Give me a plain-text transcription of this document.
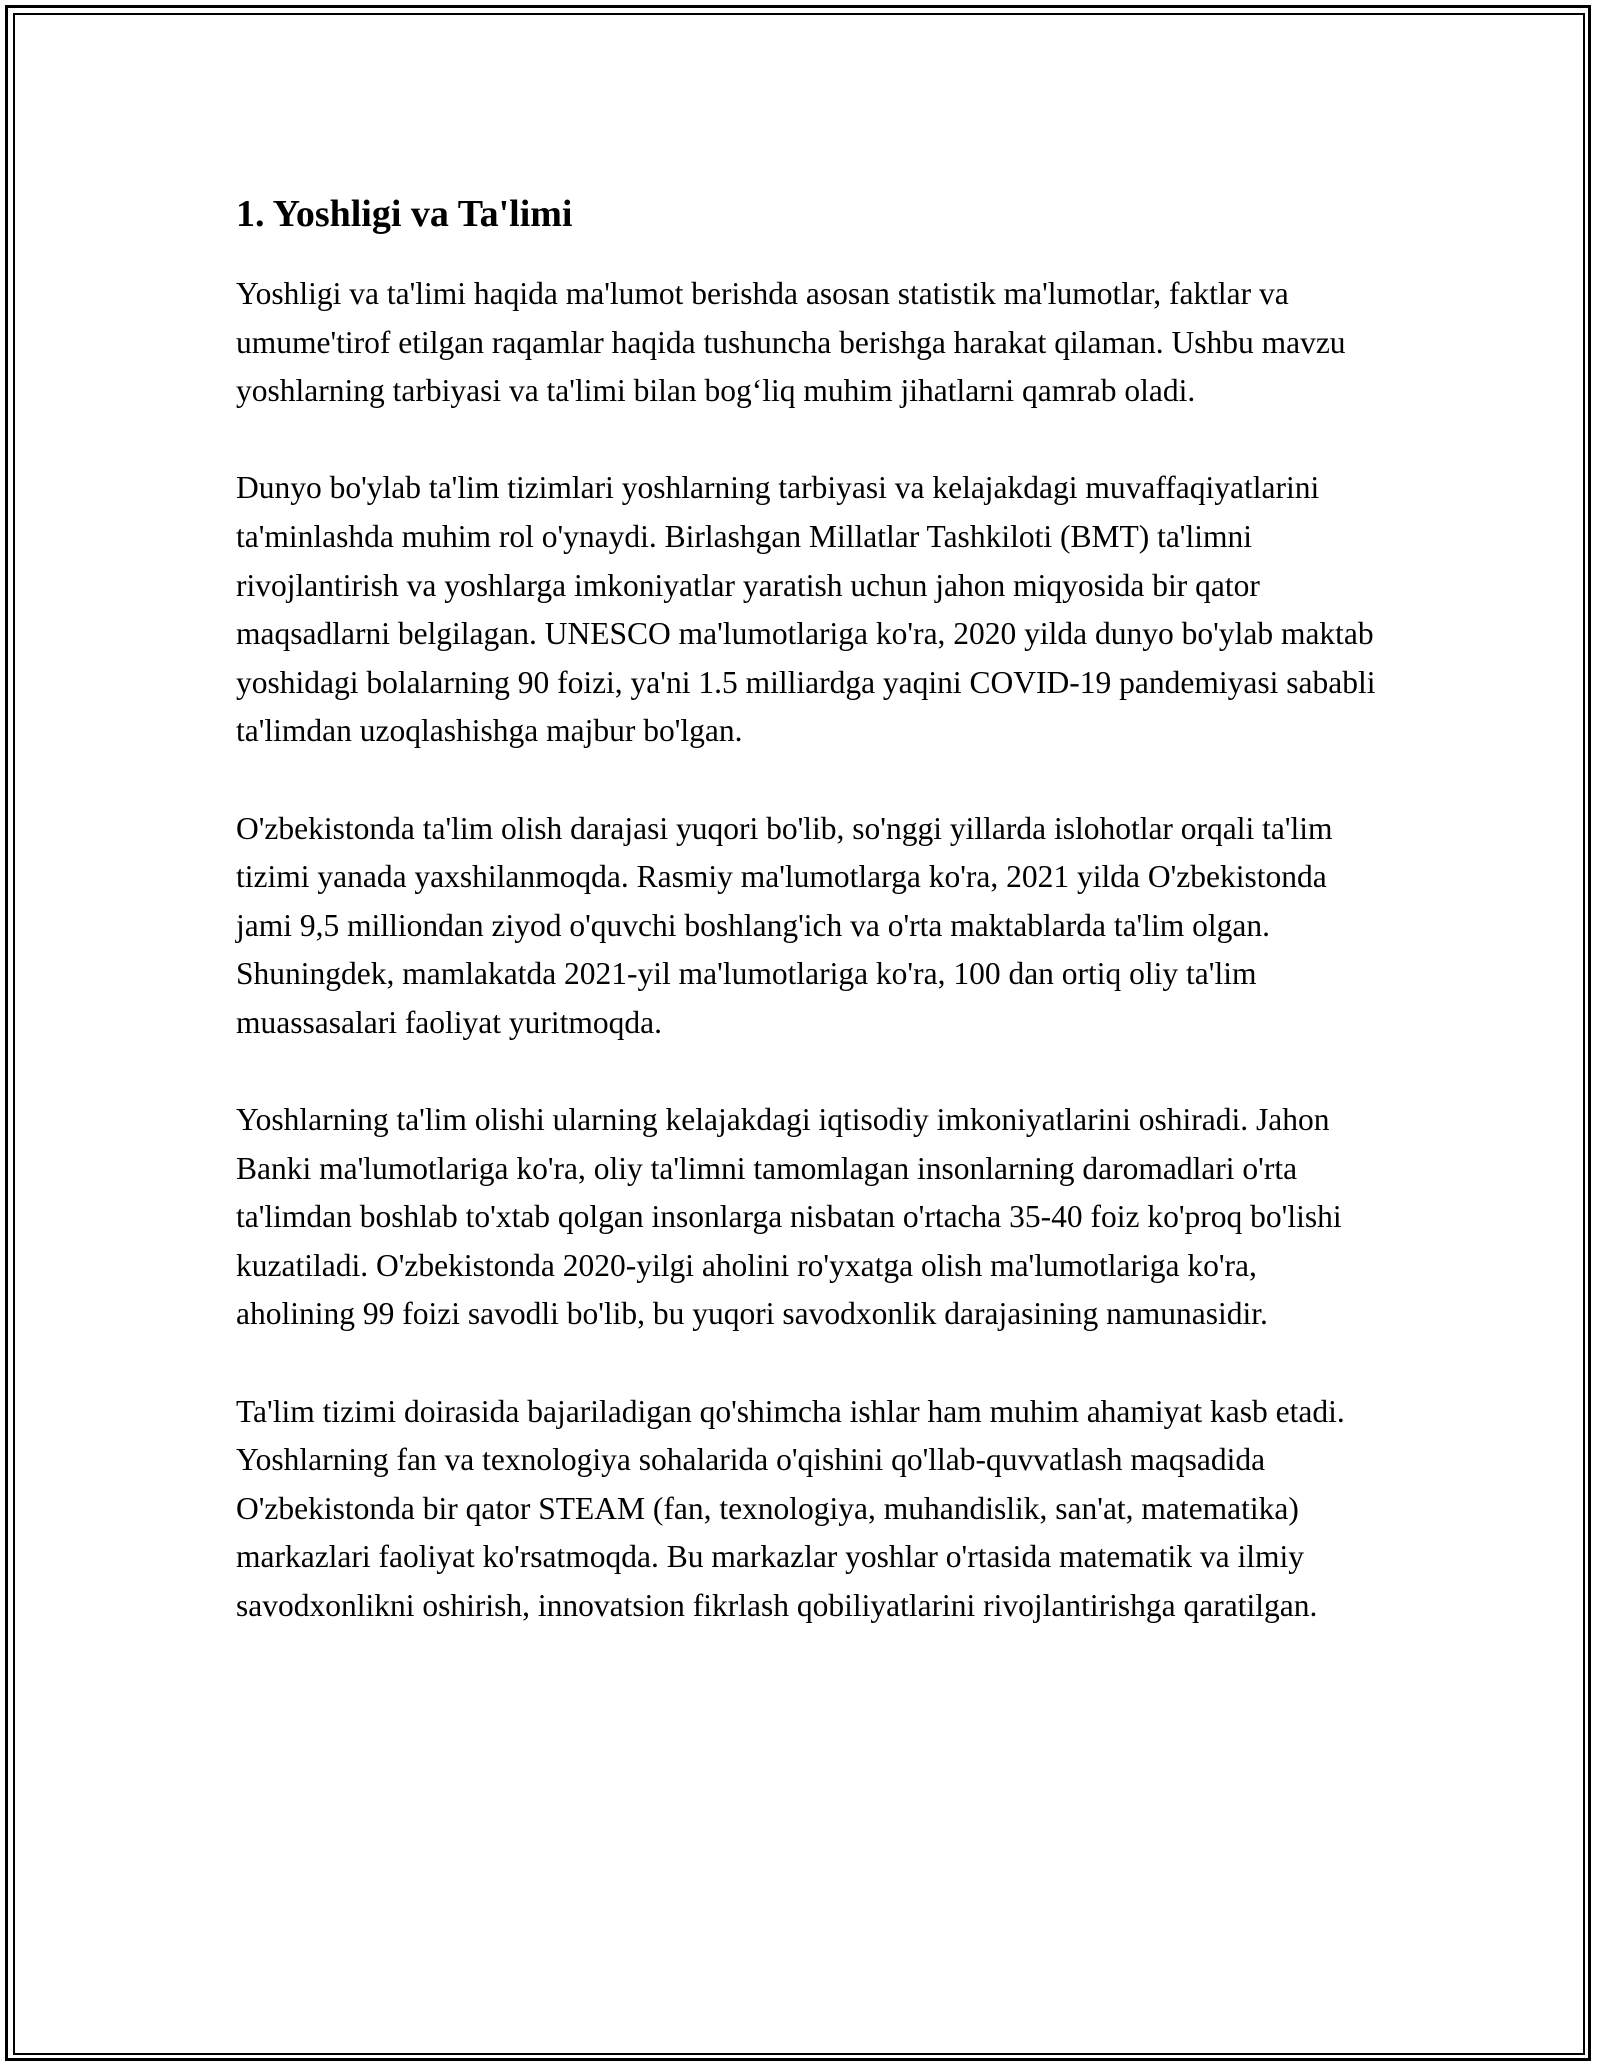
1. Yoshligi va Ta'limi

Yoshligi va ta'limi haqida ma'lumot berishda asosan statistik ma'lumotlar, faktlar va umume'tirof etilgan raqamlar haqida tushuncha berishga harakat qilaman. Ushbu mavzu yoshlarning tarbiyasi va ta'limi bilan bog‘liq muhim jihatlarni qamrab oladi.

Dunyo bo'ylab ta'lim tizimlari yoshlarning tarbiyasi va kelajakdagi muvaffaqiyatlarini ta'minlashda muhim rol o'ynaydi. Birlashgan Millatlar Tashkiloti (BMT) ta'limni rivojlantirish va yoshlarga imkoniyatlar yaratish uchun jahon miqyosida bir qator maqsadlarni belgilagan. UNESCO ma'lumotlariga ko'ra, 2020 yilda dunyo bo'ylab maktab yoshidagi bolalarning 90 foizi, ya'ni 1.5 milliardga yaqini COVID-19 pandemiyasi sababli ta'limdan uzoqlashishga majbur bo'lgan.

O'zbekistonda ta'lim olish darajasi yuqori bo'lib, so'nggi yillarda islohotlar orqali ta'lim tizimi yanada yaxshilanmoqda. Rasmiy ma'lumotlarga ko'ra, 2021 yilda O'zbekistonda jami 9,5 milliondan ziyod o'quvchi boshlang'ich va o'rta maktablarda ta'lim olgan. Shuningdek, mamlakatda 2021-yil ma'lumotlariga ko'ra, 100 dan ortiq oliy ta'lim muassasalari faoliyat yuritmoqda.

Yoshlarning ta'lim olishi ularning kelajakdagi iqtisodiy imkoniyatlarini oshiradi. Jahon Banki ma'lumotlariga ko'ra, oliy ta'limni tamomlagan insonlarning daromadlari o'rta ta'limdan boshlab to'xtab qolgan insonlarga nisbatan o'rtacha 35-40 foiz ko'proq bo'lishi kuzatiladi. O'zbekistonda 2020-yilgi aholini ro'yxatga olish ma'lumotlariga ko'ra, aholining 99 foizi savodli bo'lib, bu yuqori savodxonlik darajasining namunasidir.

Ta'lim tizimi doirasida bajariladigan qo'shimcha ishlar ham muhim ahamiyat kasb etadi. Yoshlarning fan va texnologiya sohalarida o'qishini qo'llab-quvvatlash maqsadida O'zbekistonda bir qator STEAM (fan, texnologiya, muhandislik, san'at, matematika) markazlari faoliyat ko'rsatmoqda. Bu markazlar yoshlar o'rtasida matematik va ilmiy savodxonlikni oshirish, innovatsion fikrlash qobiliyatlarini rivojlantirishga qaratilgan.
